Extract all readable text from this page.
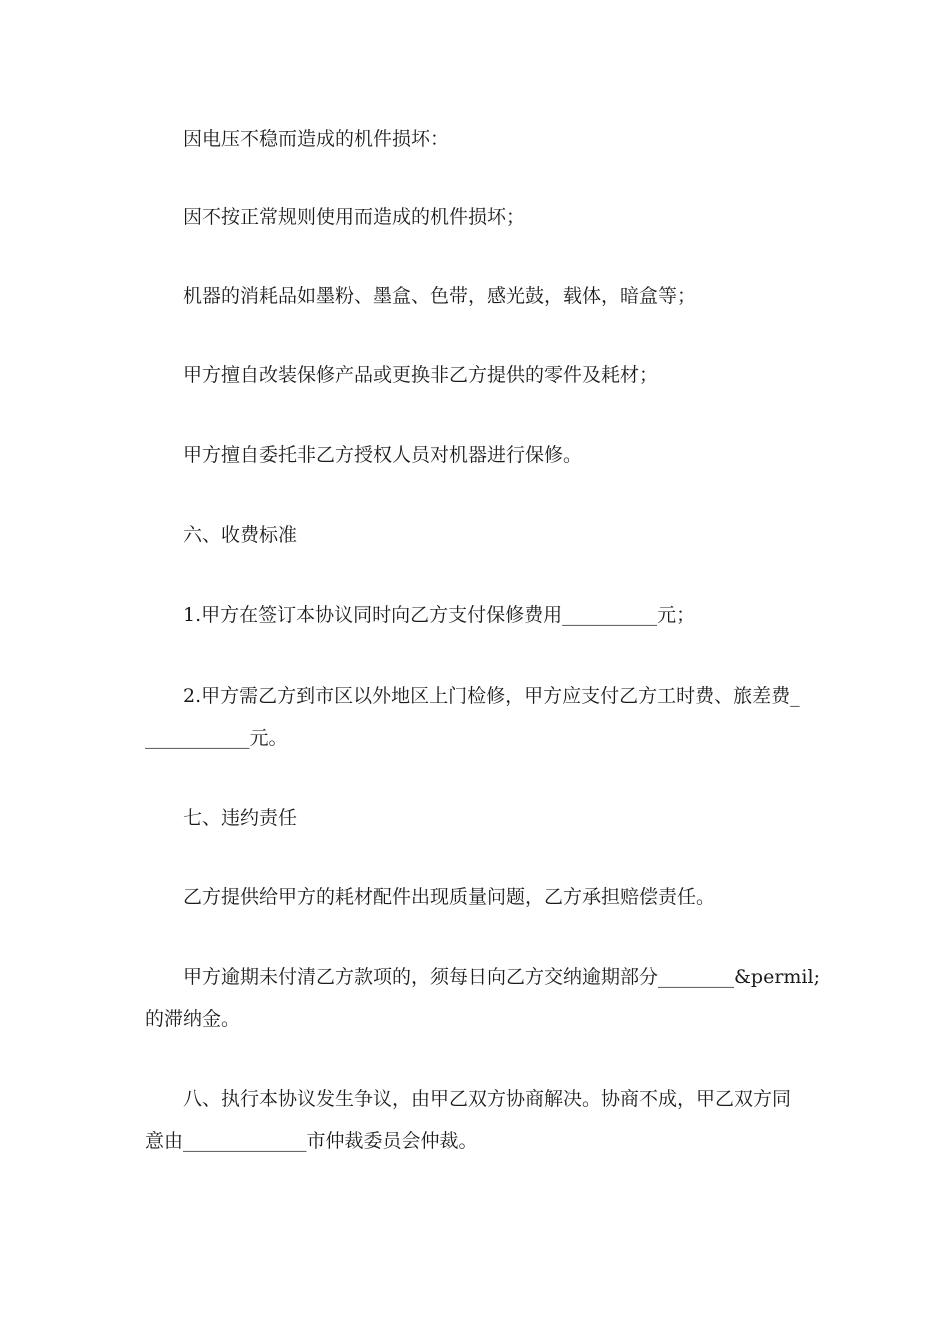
因电压不稳而造成的机件损坏：
因不按正常规则使用而造成的机件损坏；
机器的消耗品如墨粉、墨盒、色带，感光鼓，载体，暗盒等；
甲方擅自改装保修产品或更换非乙方提供的零件及耗材；
甲方擅自委托非乙方授权人员对机器进行保修。
六、收费标准
1.甲方在签订本协议同时向乙方支付保修费用__________元；
2.甲方需乙方到市区以外地区上门检修，甲方应支付乙方工时费、旅差费_
___________元。
七、违约责任
乙方提供给甲方的耗材配件出现质量问题，乙方承担赔偿责任。
甲方逾期未付清乙方款项的，须每日向乙方交纳逾期部分________&permil;
的滞纳金。
八、执行本协议发生争议，由甲乙双方协商解决。协商不成，甲乙双方同
意由_____________市仲裁委员会仲裁。
